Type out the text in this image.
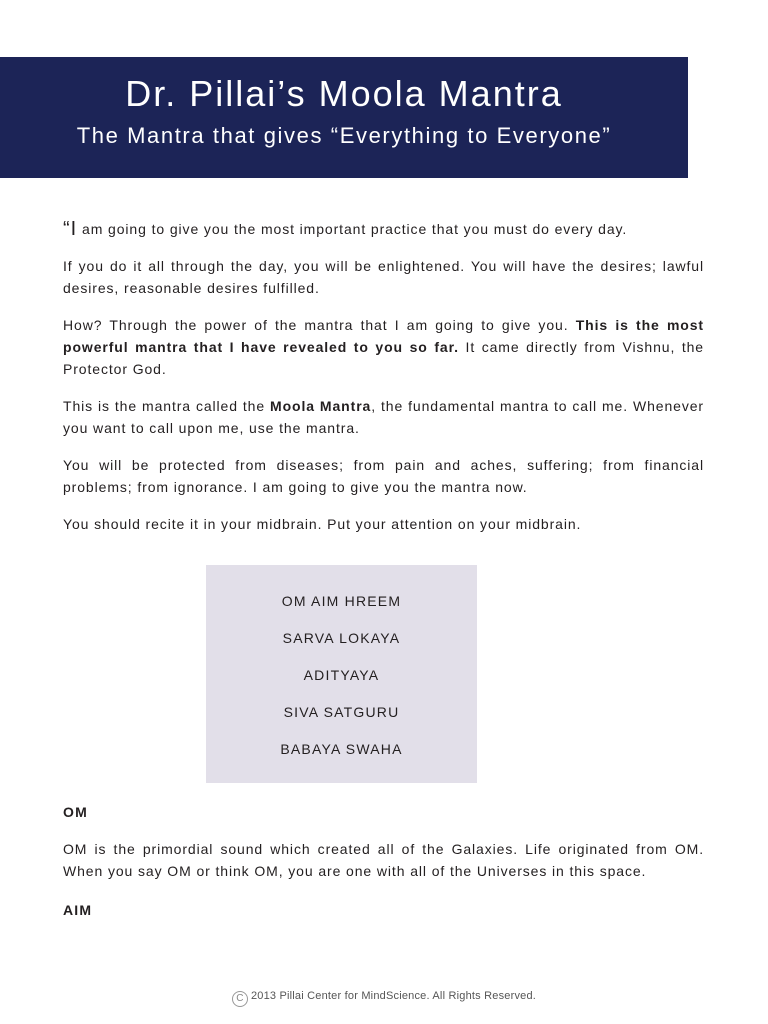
Dr. Pillai’s Moola Mantra
The Mantra that gives “Everything to Everyone”

“I am going to give you the most important practice that you must do every day.

If you do it all through the day, you will be enlightened. You will have the desires; lawful desires, reasonable desires fulfilled.

How? Through the power of the mantra that I am going to give you. This is the most powerful mantra that I have revealed to you so far. It came directly from Vishnu, the Protector God.

This is the mantra called the Moola Mantra, the fundamental mantra to call me. Whenever you want to call upon me, use the mantra.

You will be protected from diseases; from pain and aches, suffering; from financial problems; from ignorance. I am going to give you the mantra now.

You should recite it in your midbrain. Put your attention on your midbrain.

OM AIM HREEM

SARVA LOKAYA

ADITYAYA

SIVA SATGURU

BABAYA SWAHA

OM

OM is the primordial sound which created all of the Galaxies. Life originated from OM. When you say OM or think OM, you are one with all of the Universes in this space.

AIM

C 2013 Pillai Center for MindScience. All Rights Reserved.
